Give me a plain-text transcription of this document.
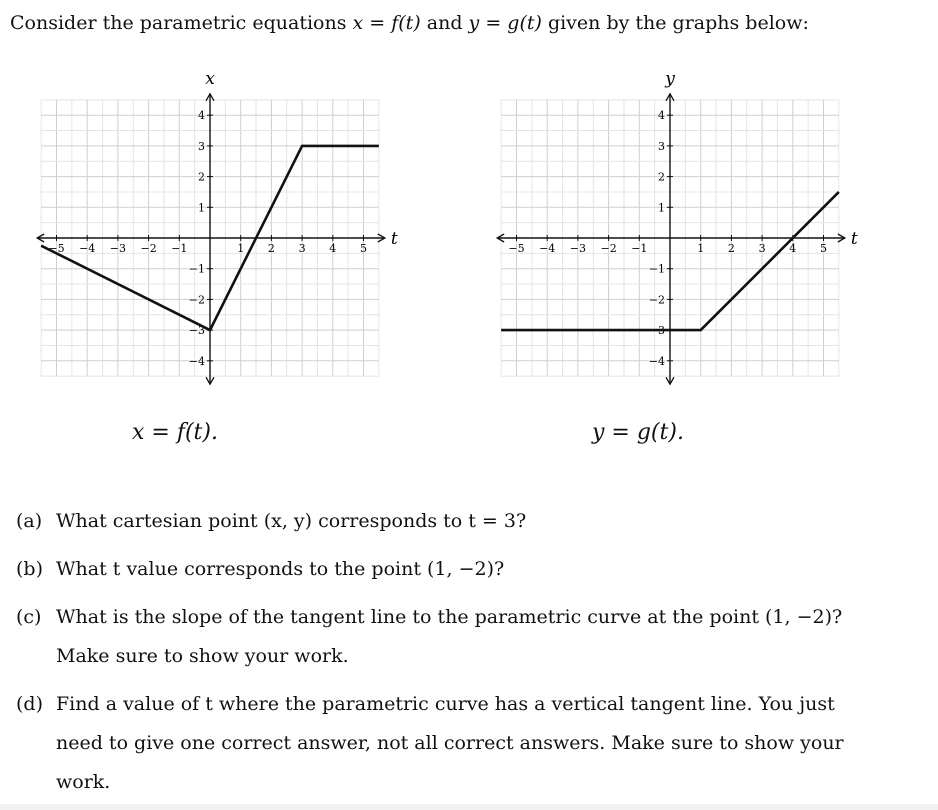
Consider the parametric equations x = f(t) and y = g(t) given by the graphs below:
t
x
−5 −4 −3 −2 −1	1 2 3 4 5
4
3
2
1
−1
−2
−3
−4
x = f(t).
t
y
−5 −4 −3 −2 −1	1 2 3 4 5
4
3
2
1
−1
−2
−3
−4
y = g(t).
(a) What cartesian point (x, y) corresponds to t = 3?
(b) What t value corresponds to the point (1, −2)?
(c) What is the slope of the tangent line to the parametric curve at the point (1, −2)? Make sure to show your work.
(d) Find a value of t where the parametric curve has a vertical tangent line. You just need to give one correct answer, not all correct answers. Make sure to show your work.
